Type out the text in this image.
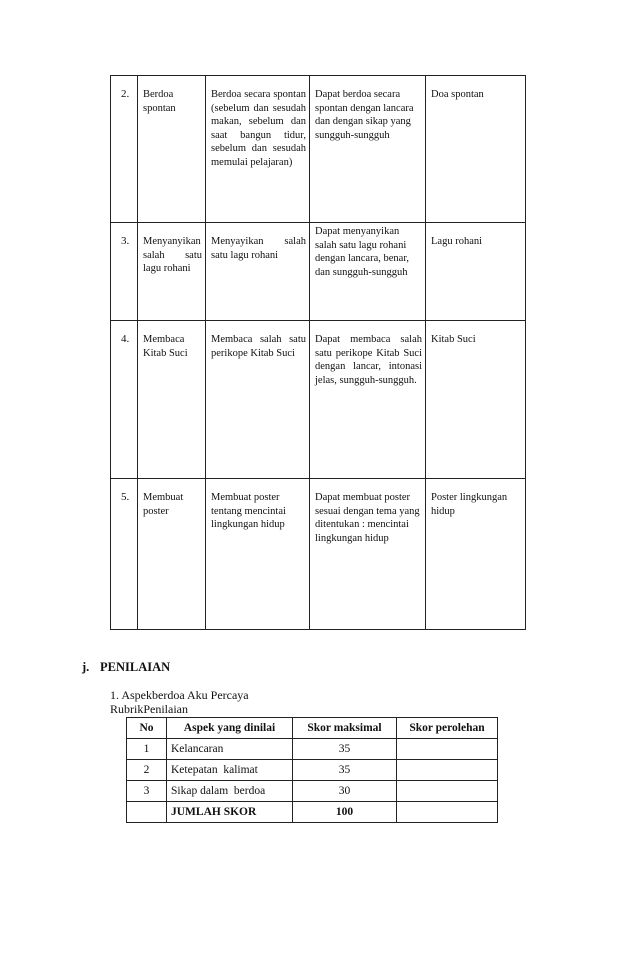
2.	Berdoa spontan	Berdoa secara spontan (sebelum dan sesudah makan, sebelum dan saat bangun tidur, sebelum dan sesudah memulai pelajaran)	Dapat berdoa secara spontan dengan lancara dan dengan sikap yang sungguh-sungguh	Doa spontan

3.	Menyanyikan salah satu lagu rohani	Menyayikan salah satu lagu rohani	Dapat menyanyikan salah satu lagu rohani dengan lancara, benar, dan sungguh-sungguh	Lagu rohani

4.	Membaca Kitab Suci	Membaca salah satu perikope Kitab Suci	Dapat membaca salah satu perikope Kitab Suci dengan lancar, intonasi jelas, sungguh-sungguh.	Kitab Suci

5.	Membuat poster	Membuat poster tentang mencintai lingkungan hidup	Dapat membuat poster sesuai dengan tema yang ditentukan : mencintai lingkungan hidup	Poster lingkungan hidup
j. PENILAIAN
1. Aspekberdoa Aku Percaya
RubrikPenilaian
No	Aspek yang dinilai	Skor maksimal	Skor perolehan
1	Kelancaran	35	
2	Ketepatan  kalimat	35	
3	Sikap dalam  berdoa	30	
	JUMLAH SKOR	100	
